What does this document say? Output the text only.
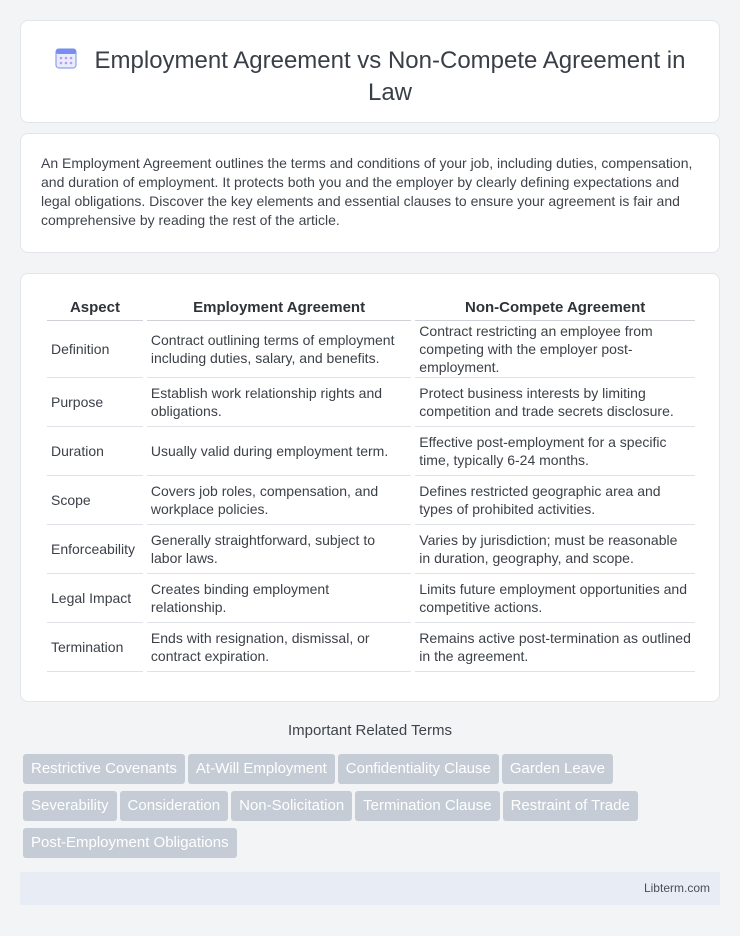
Employment Agreement vs Non-Compete Agreement in Law

An Employment Agreement outlines the terms and conditions of your job, including duties, compensation, and duration of employment. It protects both you and the employer by clearly defining expectations and legal obligations. Discover the key elements and essential clauses to ensure your agreement is fair and comprehensive by reading the rest of the article.

Aspect	Employment Agreement	Non-Compete Agreement
Definition	Contract outlining terms of employment including duties, salary, and benefits.	Contract restricting an employee from competing with the employer post-employment.
Purpose	Establish work relationship rights and obligations.	Protect business interests by limiting competition and trade secrets disclosure.
Duration	Usually valid during employment term.	Effective post-employment for a specific time, typically 6-24 months.
Scope	Covers job roles, compensation, and workplace policies.	Defines restricted geographic area and types of prohibited activities.
Enforceability	Generally straightforward, subject to labor laws.	Varies by jurisdiction; must be reasonable in duration, geography, and scope.
Legal Impact	Creates binding employment relationship.	Limits future employment opportunities and competitive actions.
Termination	Ends with resignation, dismissal, or contract expiration.	Remains active post-termination as outlined in the agreement.
Important Related Terms
Restrictive Covenants At-Will Employment Confidentiality Clause Garden Leave
Severability Consideration Non-Solicitation Termination Clause Restraint of Trade
Post-Employment Obligations
Libterm.com
